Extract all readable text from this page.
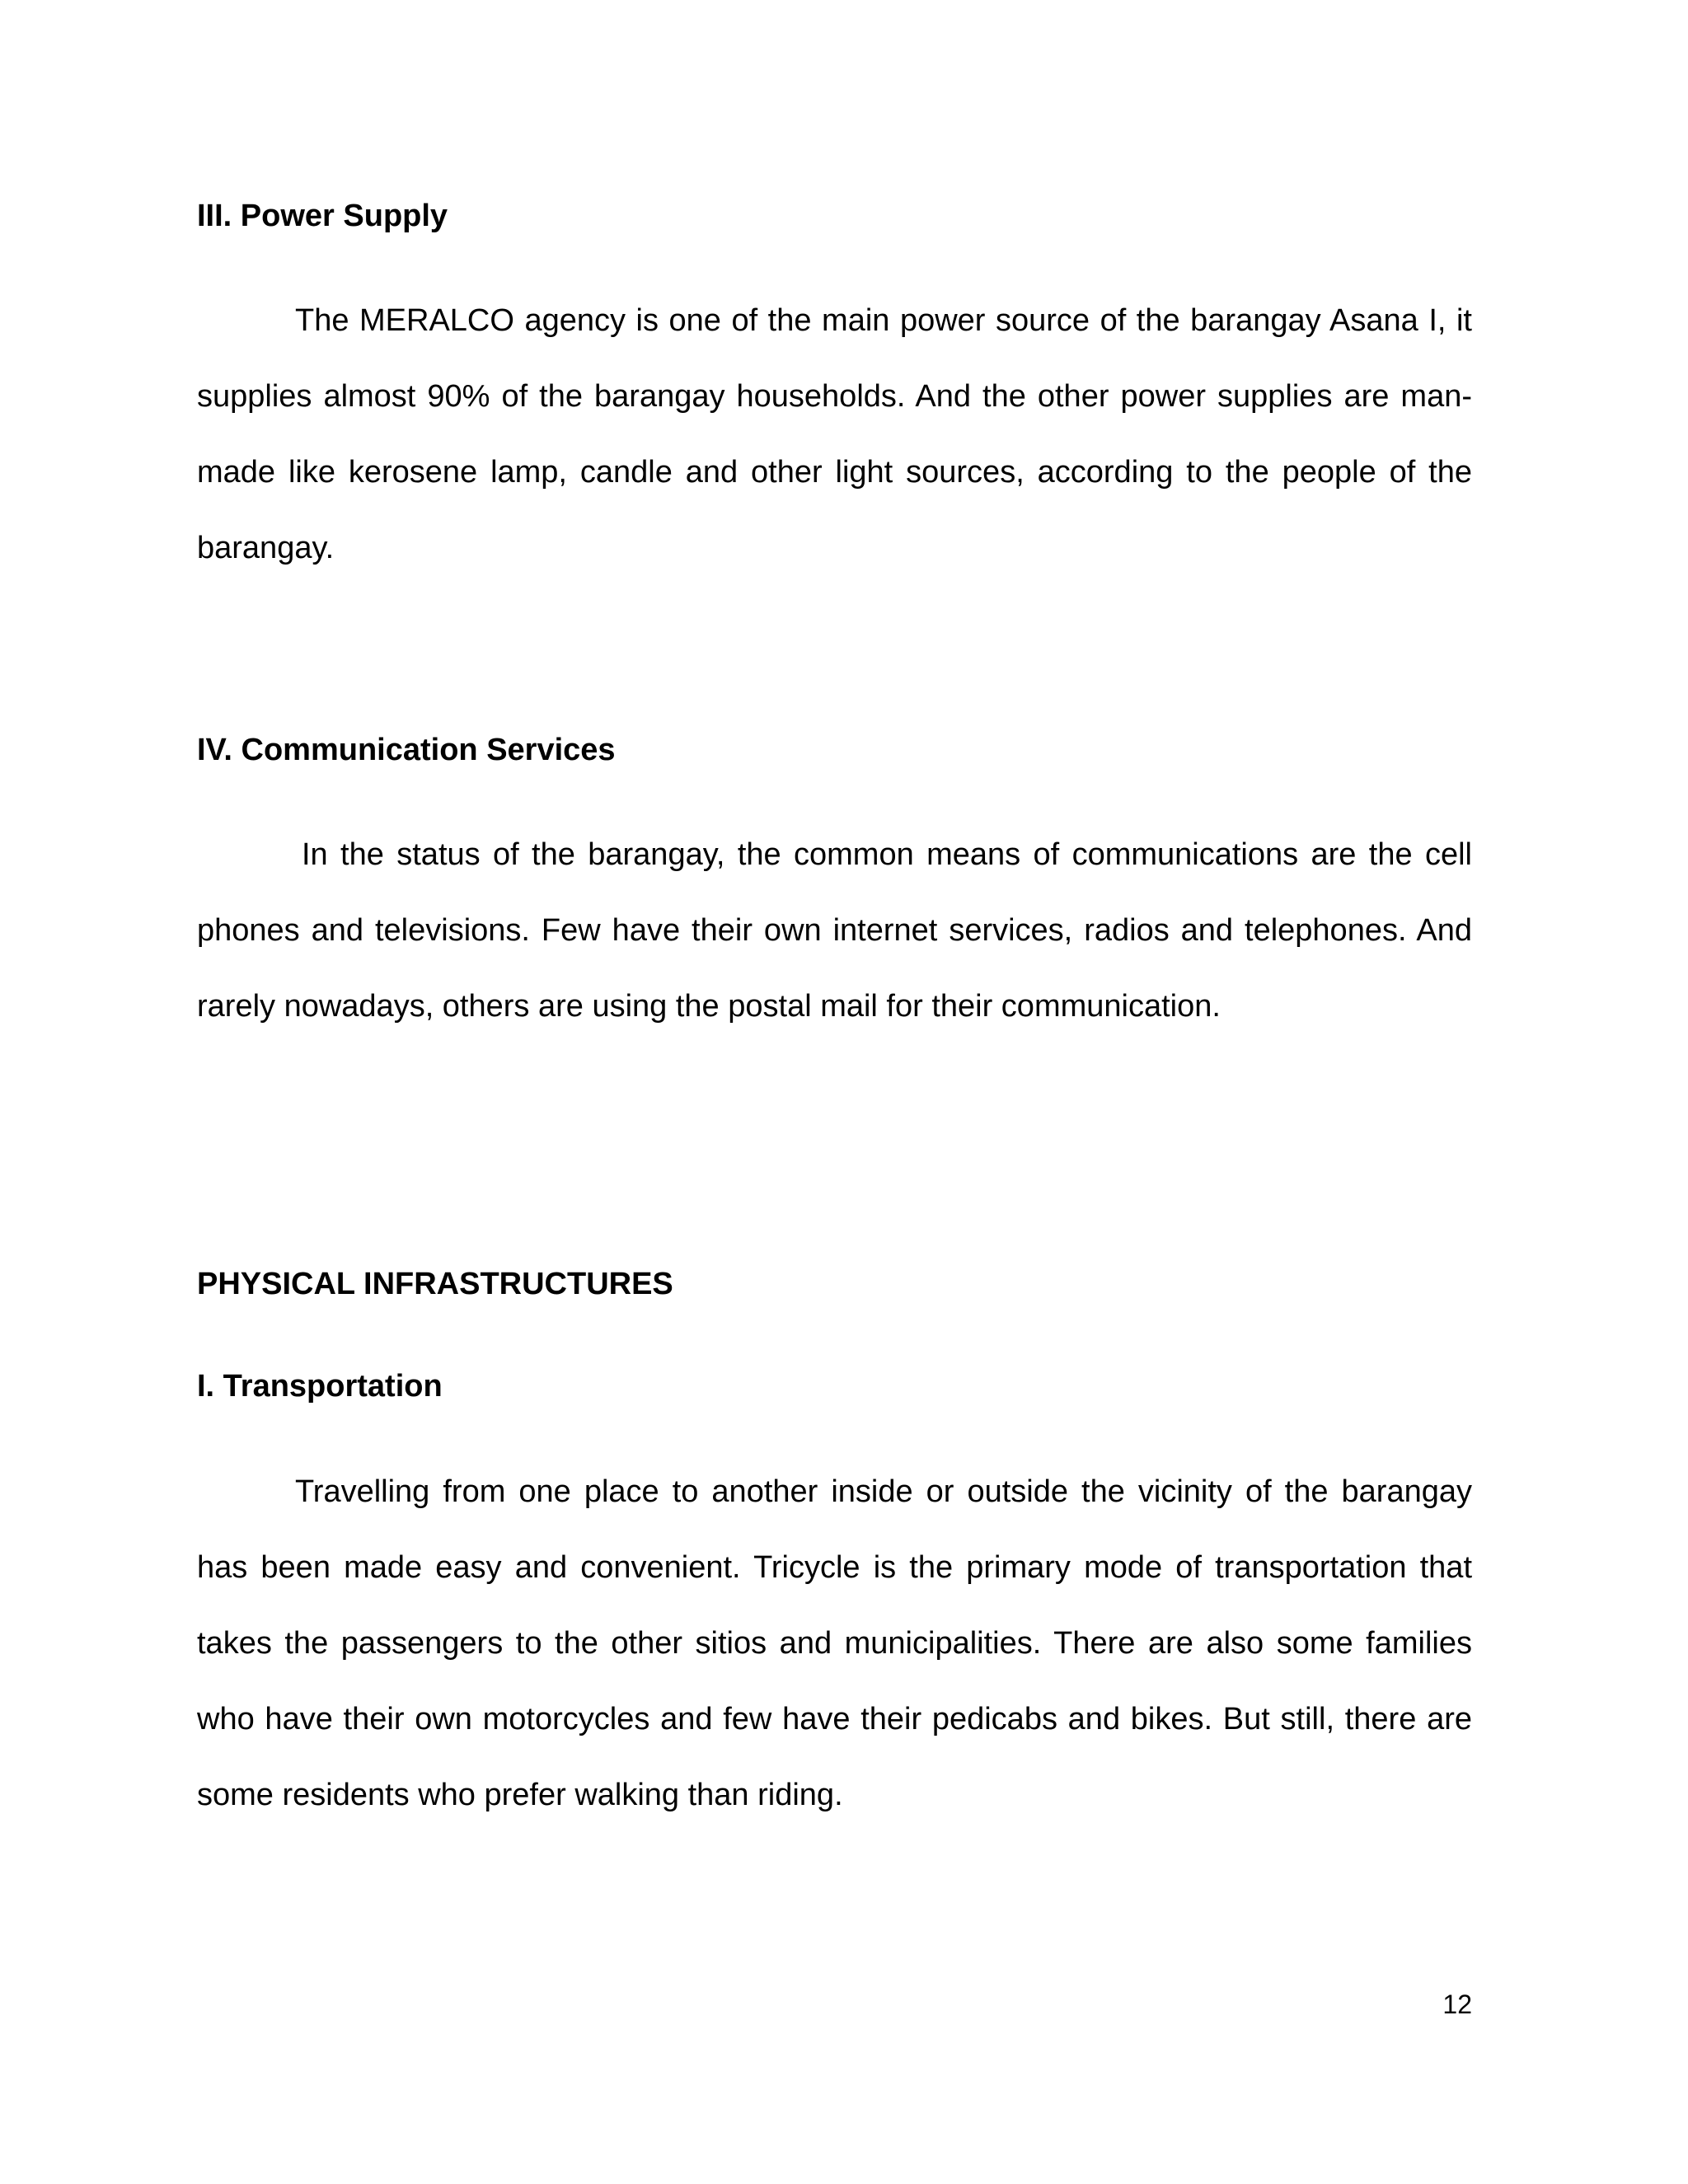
III. Power Supply

The MERALCO agency is one of the main power source of the barangay Asana I, it supplies almost 90% of the barangay households. And the other power supplies are man-made like kerosene lamp, candle and other light sources, according to the people of the barangay.

IV. Communication Services

In the status of the barangay, the common means of communications are the cell phones and televisions. Few have their own internet services, radios and telephones. And rarely nowadays, others are using the postal mail for their communication.

PHYSICAL INFRASTRUCTURES
I. Transportation

Travelling from one place to another inside or outside the vicinity of the barangay has been made easy and convenient. Tricycle is the primary mode of transportation that takes the passengers to the other sitios and municipalities. There are also some families who have their own motorcycles and few have their pedicabs and bikes. But still, there are some residents who prefer walking than riding.

12
